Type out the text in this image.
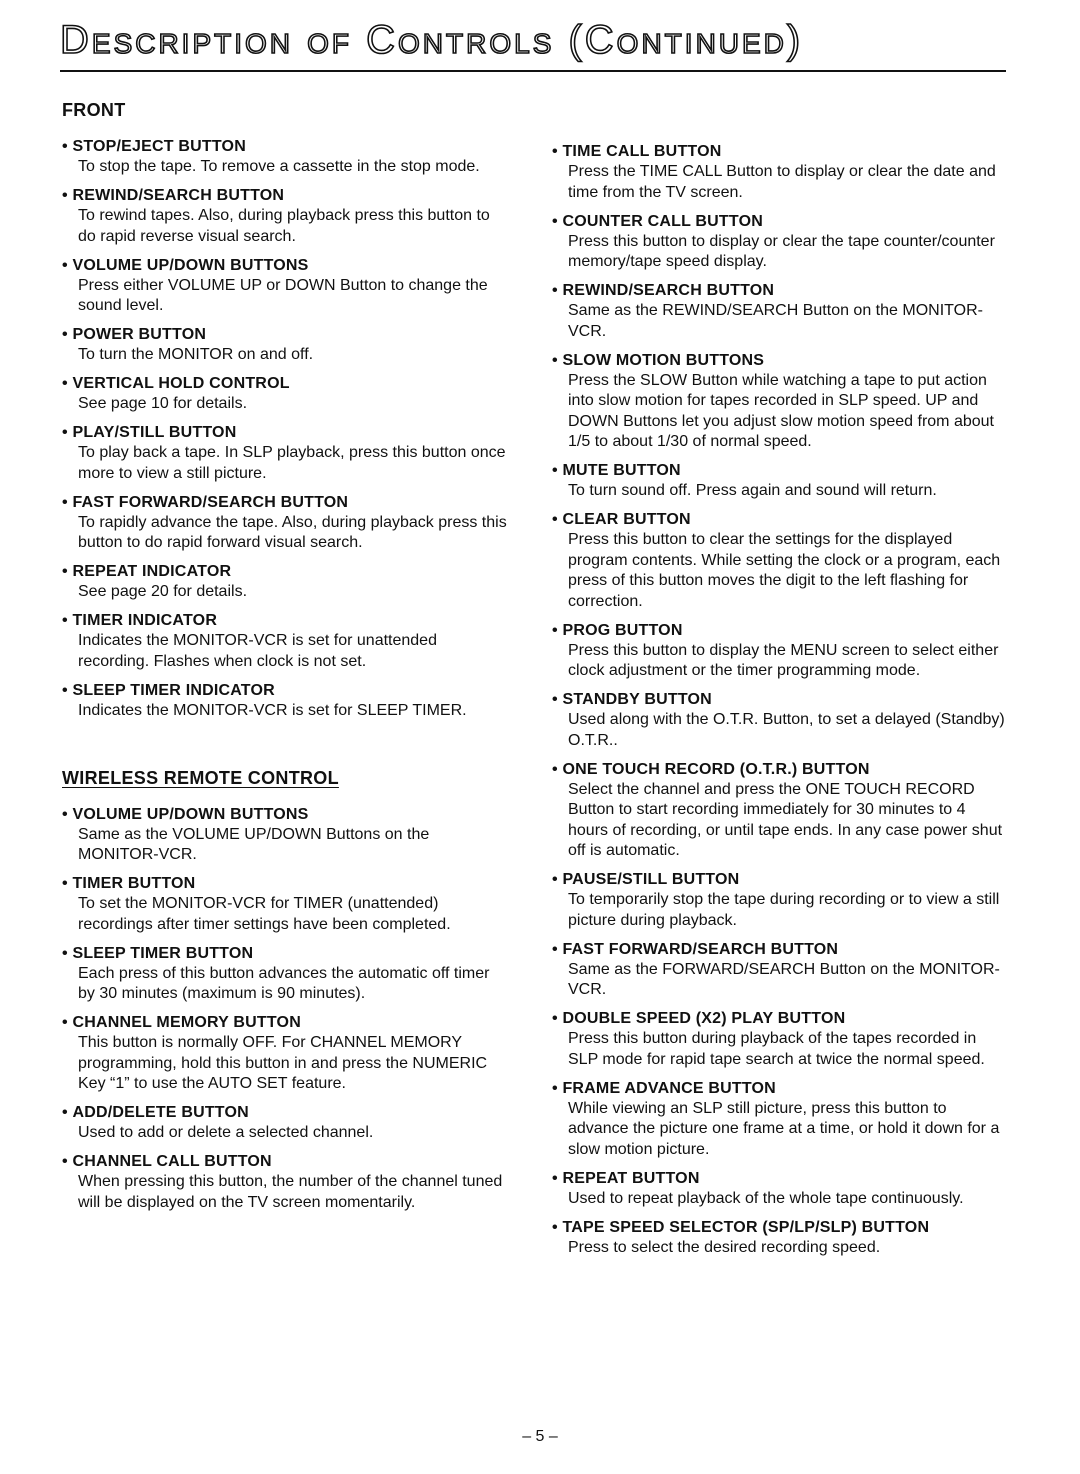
Description of Controls (Continued)
FRONT
• STOP/EJECT BUTTON
To stop the tape. To remove a cassette in the stop mode.
• REWIND/SEARCH BUTTON
To rewind tapes. Also, during playback press this button to do rapid reverse visual search.
• VOLUME UP/DOWN BUTTONS
Press either VOLUME UP or DOWN Button to change the sound level.
• POWER BUTTON
To turn the MONITOR on and off.
• VERTICAL HOLD CONTROL
See page 10 for details.
• PLAY/STILL BUTTON
To play back a tape. In SLP playback, press this button once more to view a still picture.
• FAST FORWARD/SEARCH BUTTON
To rapidly advance the tape. Also, during playback press this button to do rapid forward visual search.
• REPEAT INDICATOR
See page 20 for details.
• TIMER INDICATOR
Indicates the MONITOR-VCR is set for unattended recording. Flashes when clock is not set.
• SLEEP TIMER INDICATOR
Indicates the MONITOR-VCR is set for SLEEP TIMER.
WIRELESS REMOTE CONTROL
• VOLUME UP/DOWN BUTTONS
Same as the VOLUME UP/DOWN Buttons on the MONITOR-VCR.
• TIMER BUTTON
To set the MONITOR-VCR for TIMER (unattended) recordings after timer settings have been completed.
• SLEEP TIMER BUTTON
Each press of this button advances the automatic off timer by 30 minutes (maximum is 90 minutes).
• CHANNEL MEMORY BUTTON
This button is normally OFF. For CHANNEL MEMORY programming, hold this button in and press the NUMERIC Key “1” to use the AUTO SET feature.
• ADD/DELETE BUTTON
Used to add or delete a selected channel.
• CHANNEL CALL BUTTON
When pressing this button, the number of the channel tuned will be displayed on the TV screen momentarily.
• TIME CALL BUTTON
Press the TIME CALL Button to display or clear the date and time from the TV screen.
• COUNTER CALL BUTTON
Press this button to display or clear the tape counter/counter memory/tape speed display.
• REWIND/SEARCH BUTTON
Same as the REWIND/SEARCH Button on the MONITOR-VCR.
• SLOW MOTION BUTTONS
Press the SLOW Button while watching a tape to put action into slow motion for tapes recorded in SLP speed. UP and DOWN Buttons let you adjust slow motion speed from about 1/5 to about 1/30 of normal speed.
• MUTE BUTTON
To turn sound off. Press again and sound will return.
• CLEAR BUTTON
Press this button to clear the settings for the displayed program contents. While setting the clock or a program, each press of this button moves the digit to the left flashing for correction.
• PROG BUTTON
Press this button to display the MENU screen to select either clock adjustment or the timer programming mode.
• STANDBY BUTTON
Used along with the O.T.R. Button, to set a delayed (Standby) O.T.R..
• ONE TOUCH RECORD (O.T.R.) BUTTON
Select the channel and press the ONE TOUCH RECORD Button to start recording immediately for 30 minutes to 4 hours of recording, or until tape ends. In any case power shut off is automatic.
• PAUSE/STILL BUTTON
To temporarily stop the tape during recording or to view a still picture during playback.
• FAST FORWARD/SEARCH BUTTON
Same as the FORWARD/SEARCH Button on the MONITOR-VCR.
• DOUBLE SPEED (X2) PLAY BUTTON
Press this button during playback of the tapes recorded in SLP mode for rapid tape search at twice the normal speed.
• FRAME ADVANCE BUTTON
While viewing an SLP still picture, press this button to advance the picture one frame at a time, or hold it down for a slow motion picture.
• REPEAT BUTTON
Used to repeat playback of the whole tape continuously.
• TAPE SPEED SELECTOR (SP/LP/SLP) BUTTON
Press to select the desired recording speed.
– 5 –
